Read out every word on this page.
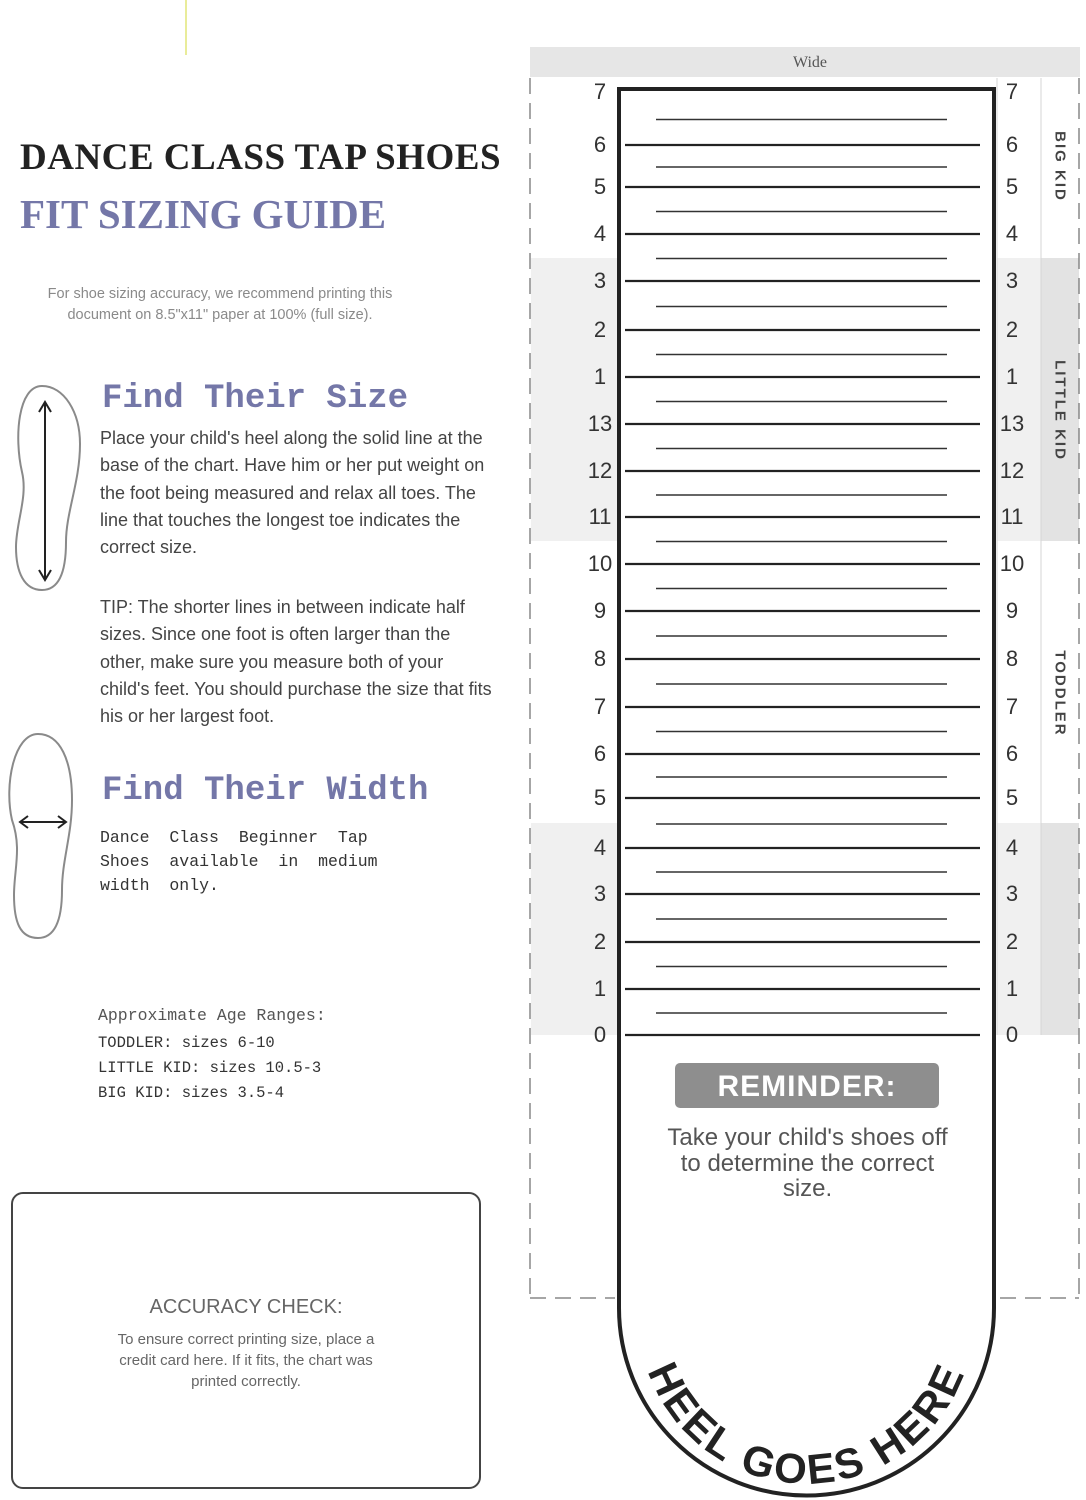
DANCE CLASS TAP SHOES
FIT SIZING GUIDE
For shoe sizing accuracy, we recommend printing this document on 8.5"x11" paper at 100% (full size).
Find Their Size
Place your child's heel along the solid line at the base of the chart. Have him or her put weight on the foot being measured and relax all toes. The line that touches the longest toe indicates the correct size.
TIP: The shorter lines in between indicate half sizes. Since one foot is often larger than the other, make sure you measure both of your child's feet. You should purchase the size that fits his or her largest foot.
Find Their Width
Dance Class Beginner Tap Shoes available in medium width only.
Approximate Age Ranges:
TODDLER: sizes 6-10
LITTLE KID: sizes 10.5-3
BIG KID: sizes 3.5-4
ACCURACY CHECK:
To ensure correct printing size, place a credit card here. If it fits, the chart was printed correctly.
Wide
HEEL GOES HERE
7	7
6	6
5	5
4	4
3	3
2	2
1	1
13	13
12	12
11	11
10	10
9	9
8	8
7	7
6	6
5	5
4	4
3	3
2	2
1	1
0	0
BIG KID
LITTLE KID
TODDLER
REMINDER:
Take your child's shoes off to determine the correct size.
